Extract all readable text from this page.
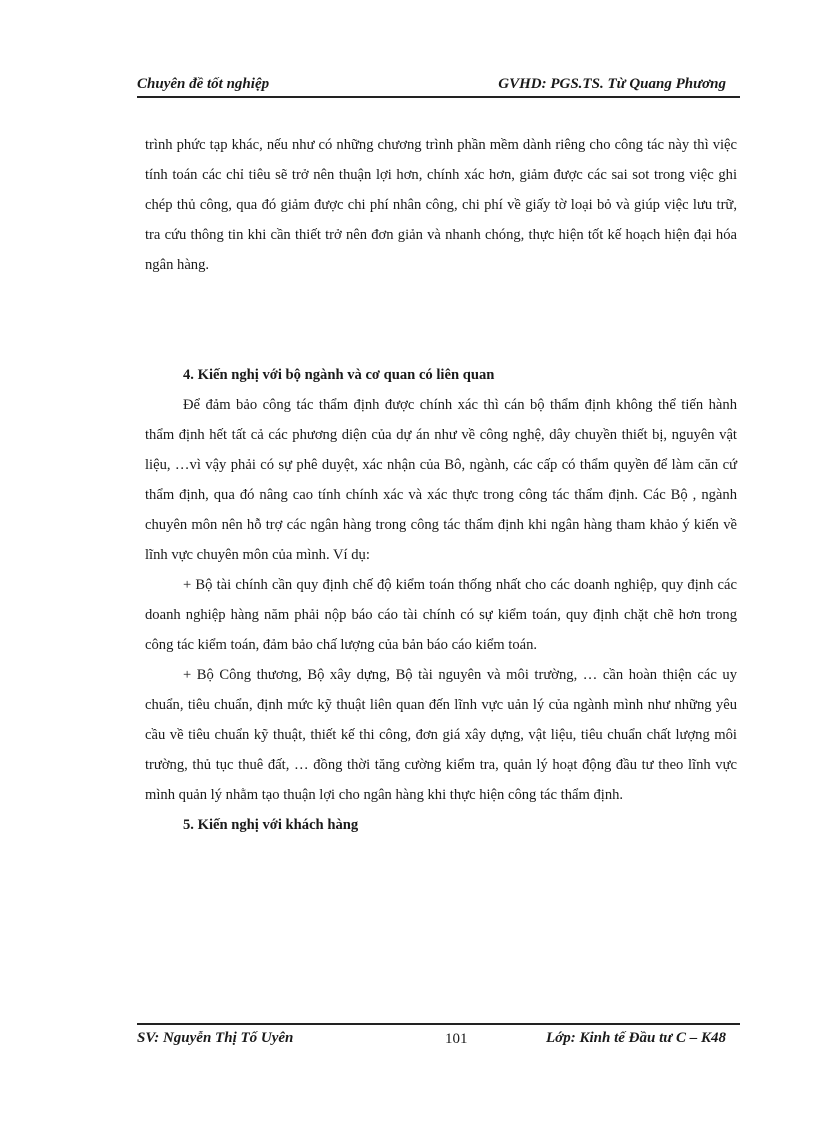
Chuyên đề tốt nghiệp	GVHD: PGS.TS. Từ Quang Phương

trình phức tạp khác, nếu như có những chương trình phần mềm dành riêng cho công tác này thì việc tính toán các chỉ tiêu sẽ trở nên thuận lợi hơn, chính xác hơn, giảm được các sai sot trong việc ghi chép thủ công, qua đó giảm được chi phí nhân công, chi phí về giấy tờ loại bỏ và giúp việc lưu trữ, tra cứu thông tin khi cần thiết trở nên đơn giản và nhanh chóng, thực hiện tốt kế hoạch hiện đại hóa ngân hàng.

4. Kiến nghị với bộ ngành và cơ quan có liên quan

Để đảm bảo công tác thẩm định được chính xác thì cán bộ thẩm định không thể tiến hành thẩm định hết tất cả các phương diện của dự án như về công nghệ, dây chuyền thiết bị, nguyên vật liệu, …vì vậy phải có sự phê duyệt, xác nhận của Bô, ngành, các cấp có thẩm quyền để làm căn cứ thẩm định, qua đó nâng cao tính chính xác và xác thực trong công tác thẩm định. Các Bộ , ngành chuyên môn nên hỗ trợ các ngân hàng trong công tác thẩm định khi ngân hàng tham khảo ý kiến về lĩnh vực chuyên môn của mình. Ví dụ:

+ Bộ tài chính cần quy định chế độ kiểm toán thống nhất cho các doanh nghiệp, quy định các doanh nghiệp hàng năm phải nộp báo cáo tài chính có sự kiểm toán, quy định chặt chẽ hơn trong công tác kiểm toán, đảm bảo chấ lượng của bản báo cáo kiểm toán.

+ Bộ Công thương, Bộ xây dựng, Bộ tài nguyên và môi trường, … cần hoàn thiện các uy chuẩn, tiêu chuẩn, định mức kỹ thuật liên quan đến lĩnh vực uản lý của ngành mình như những yêu cầu về tiêu chuẩn kỹ thuật, thiết kế thi công, đơn giá xây dựng, vật liệu, tiêu chuẩn chất lượng môi trường, thủ tục thuê đất, … đồng thời tăng cường kiểm tra, quản lý hoạt động đầu tư theo lĩnh vực mình quản lý nhằm tạo thuận lợi cho ngân hàng khi thực hiện công tác thẩm định.

5. Kiến nghị với khách hàng

SV: Nguyễn Thị Tố Uyên	101	Lớp: Kinh tế Đầu tư C – K48
